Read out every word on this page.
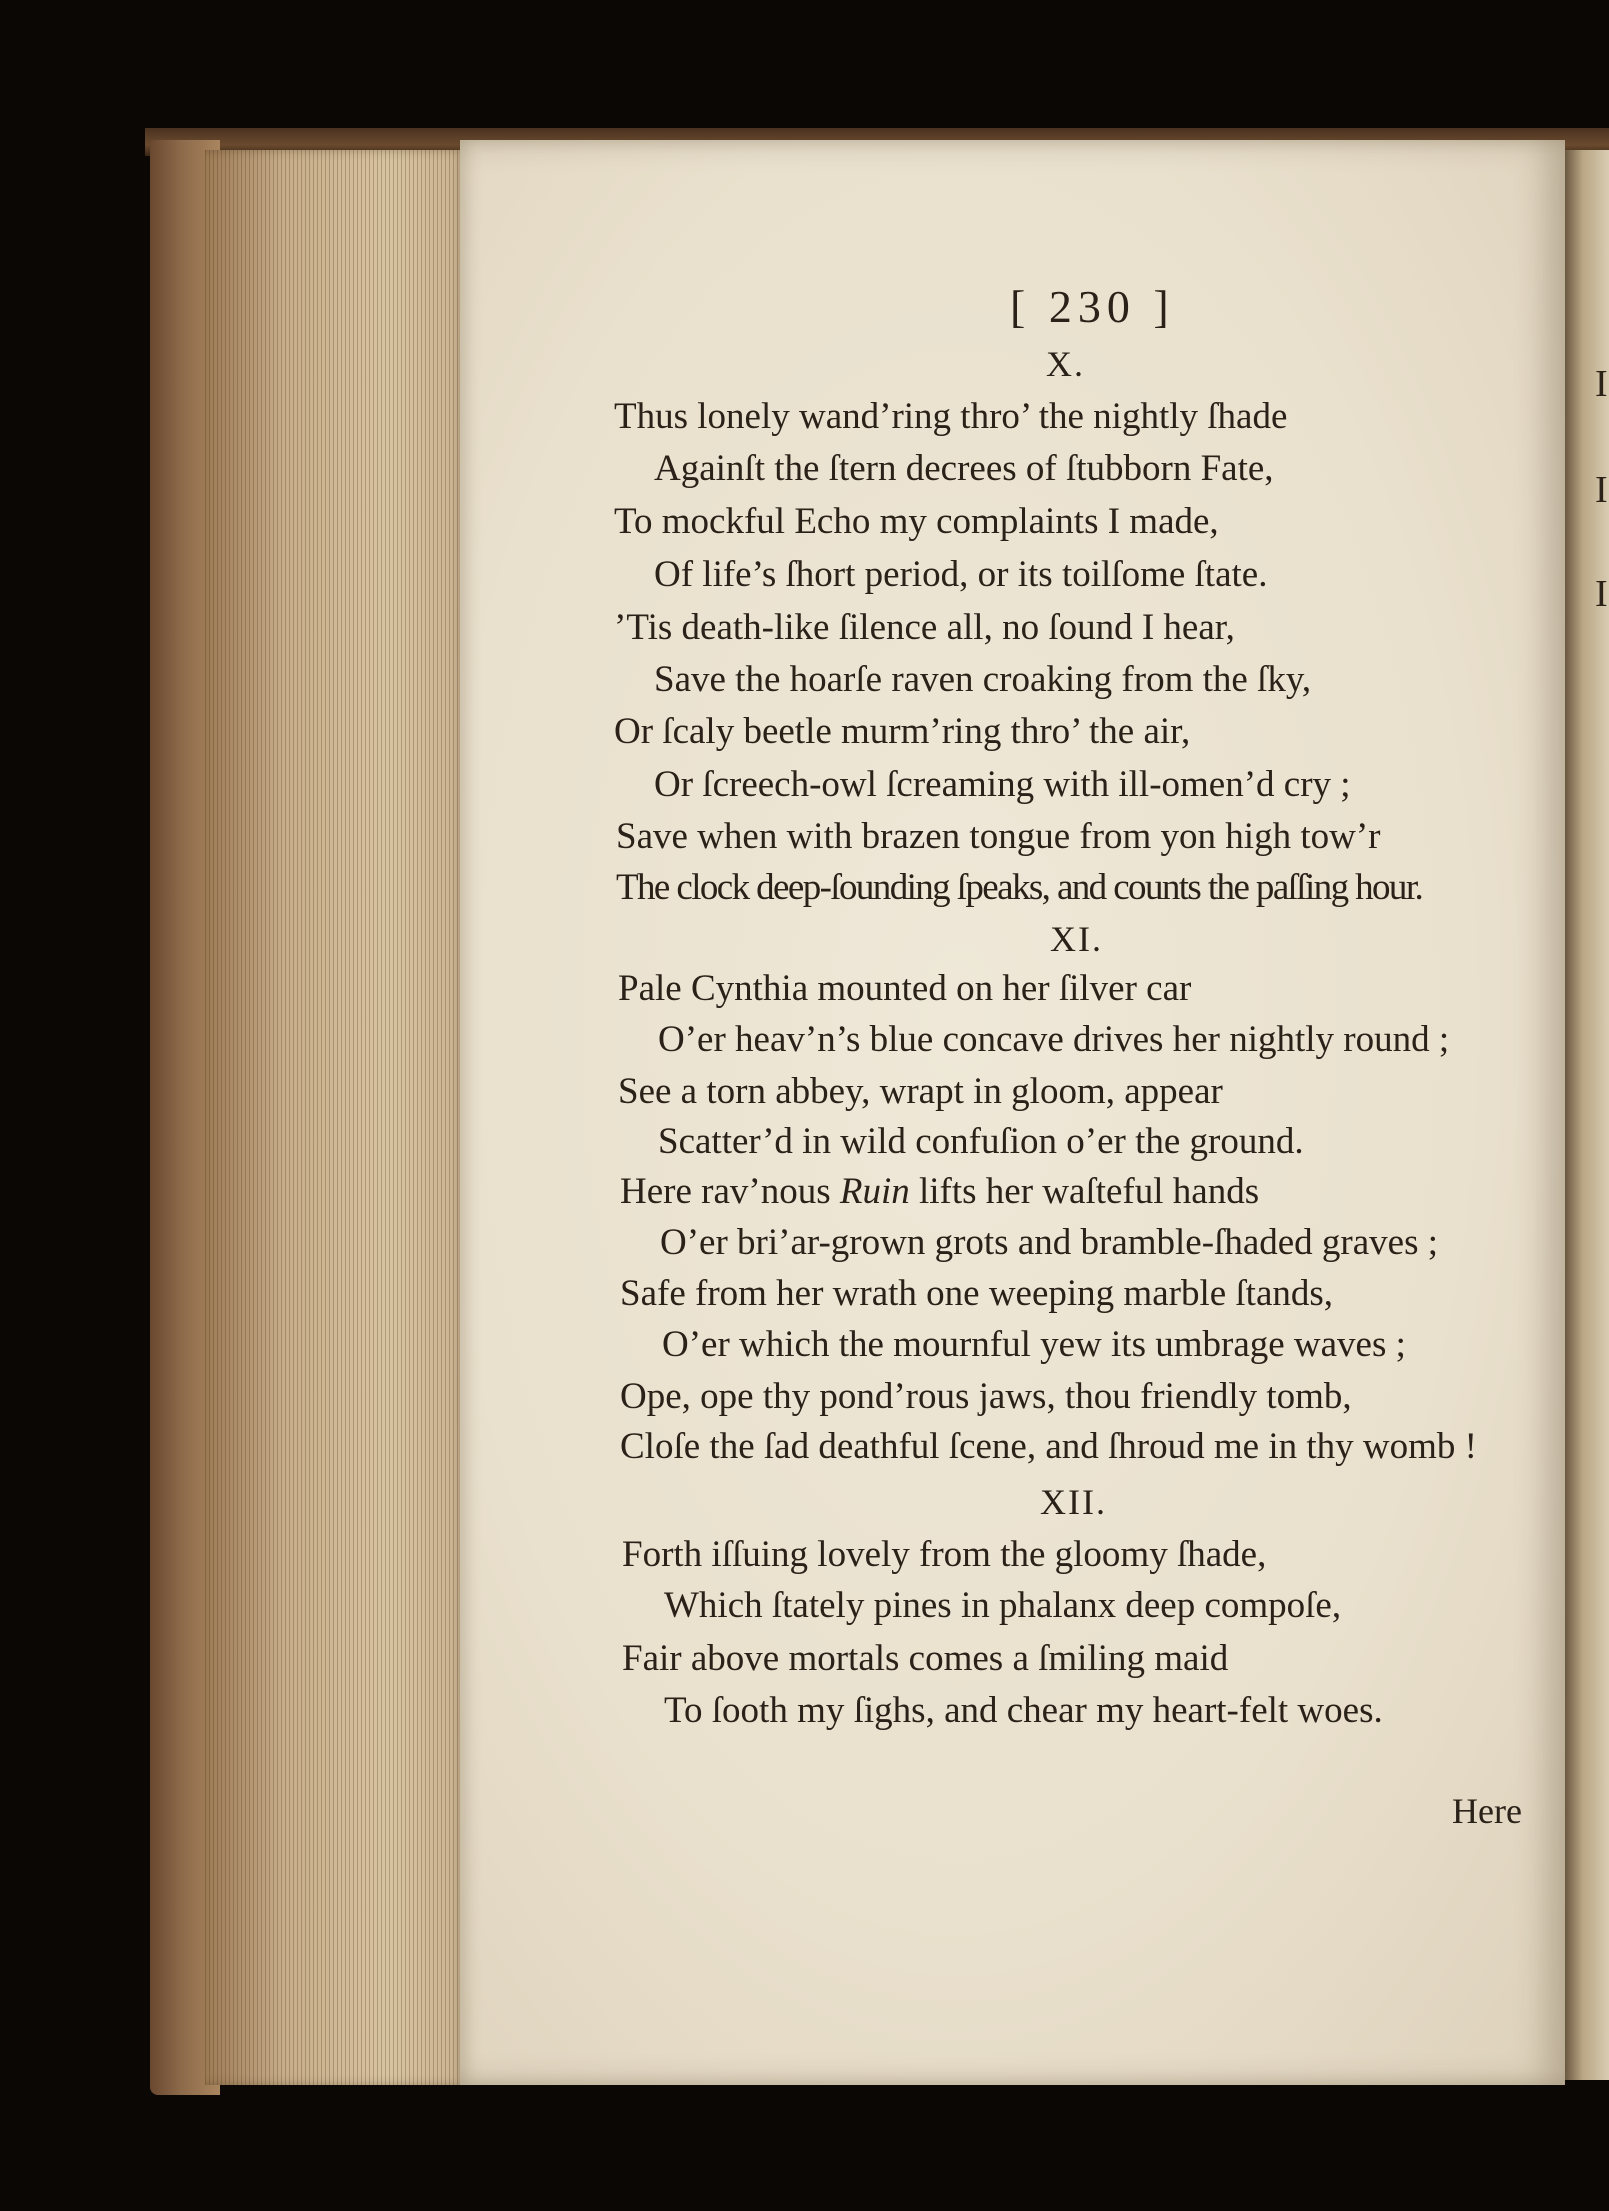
I
I
I
[ 230 ]
X.
Thus lonely wand’ring thro’ the nightly ſhade
Againſt the ſtern decrees of ſtubborn Fate,
To mockful Echo my complaints I made,
Of life’s ſhort period, or its toilſome ſtate.
’Tis death-like ſilence all, no ſound I hear,
Save the hoarſe raven croaking from the ſky,
Or ſcaly beetle murm’ring thro’ the air,
Or ſcreech-owl ſcreaming with ill-omen’d cry ;
Save when with brazen tongue from yon high tow’r
The clock deep-ſounding ſpeaks, and counts the paſſing hour.
XI.
Pale Cynthia mounted on her ſilver car
O’er heav’n’s blue concave drives her nightly round ;
See a torn abbey, wrapt in gloom, appear
Scatter’d in wild confuſion o’er the ground.
Here rav’nous Ruin lifts her waſteful hands
O’er bri’ar-grown grots and bramble-ſhaded graves ;
Safe from her wrath one weeping marble ſtands,
O’er which the mournful yew its umbrage waves ;
Ope, ope thy pond’rous jaws, thou friendly tomb,
Cloſe the ſad deathful ſcene, and ſhroud me in thy womb !
XII.
Forth iſſuing lovely from the gloomy ſhade,
Which ſtately pines in phalanx deep compoſe,
Fair above mortals comes a ſmiling maid
To ſooth my ſighs, and chear my heart-felt woes.
Here
